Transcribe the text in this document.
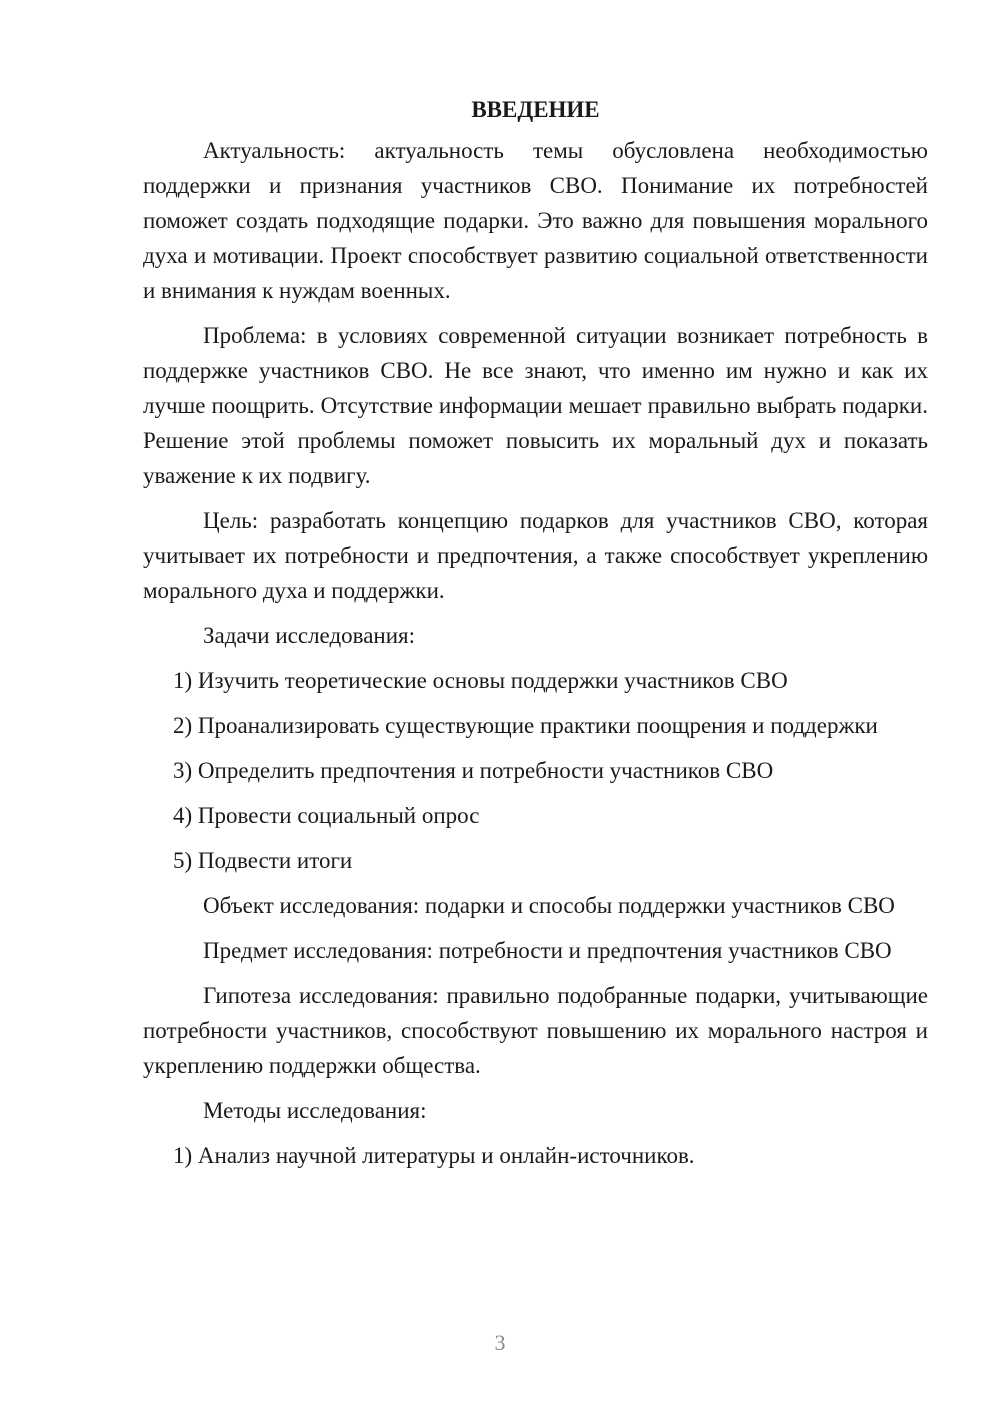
ВВЕДЕНИЕ

Актуальность: актуальность темы обусловлена необходимостью поддержки и признания участников СВО. Понимание их потребностей поможет создать подходящие подарки. Это важно для повышения морального духа и мотивации. Проект способствует развитию социальной ответственности и внимания к нуждам военных.

Проблема: в условиях современной ситуации возникает потребность в поддержке участников СВО. Не все знают, что именно им нужно и как их лучше поощрить. Отсутствие информации мешает правильно выбрать подарки. Решение этой проблемы поможет повысить их моральный дух и показать уважение к их подвигу.

Цель: разработать концепцию подарков для участников СВО, которая учитывает их потребности и предпочтения, а также способствует укреплению морального духа и поддержки.

Задачи исследования:

1) Изучить теоретические основы поддержки участников СВО

2) Проанализировать существующие практики поощрения и поддержки

3) Определить предпочтения и потребности участников СВО

4) Провести социальный опрос

5) Подвести итоги

Объект исследования: подарки и способы поддержки участников СВО

Предмет исследования: потребности и предпочтения участников СВО

Гипотеза исследования: правильно подобранные подарки, учитывающие потребности участников, способствуют повышению их морального настроя и укреплению поддержки общества.

Методы исследования:

1) Анализ научной литературы и онлайн-источников.

3
